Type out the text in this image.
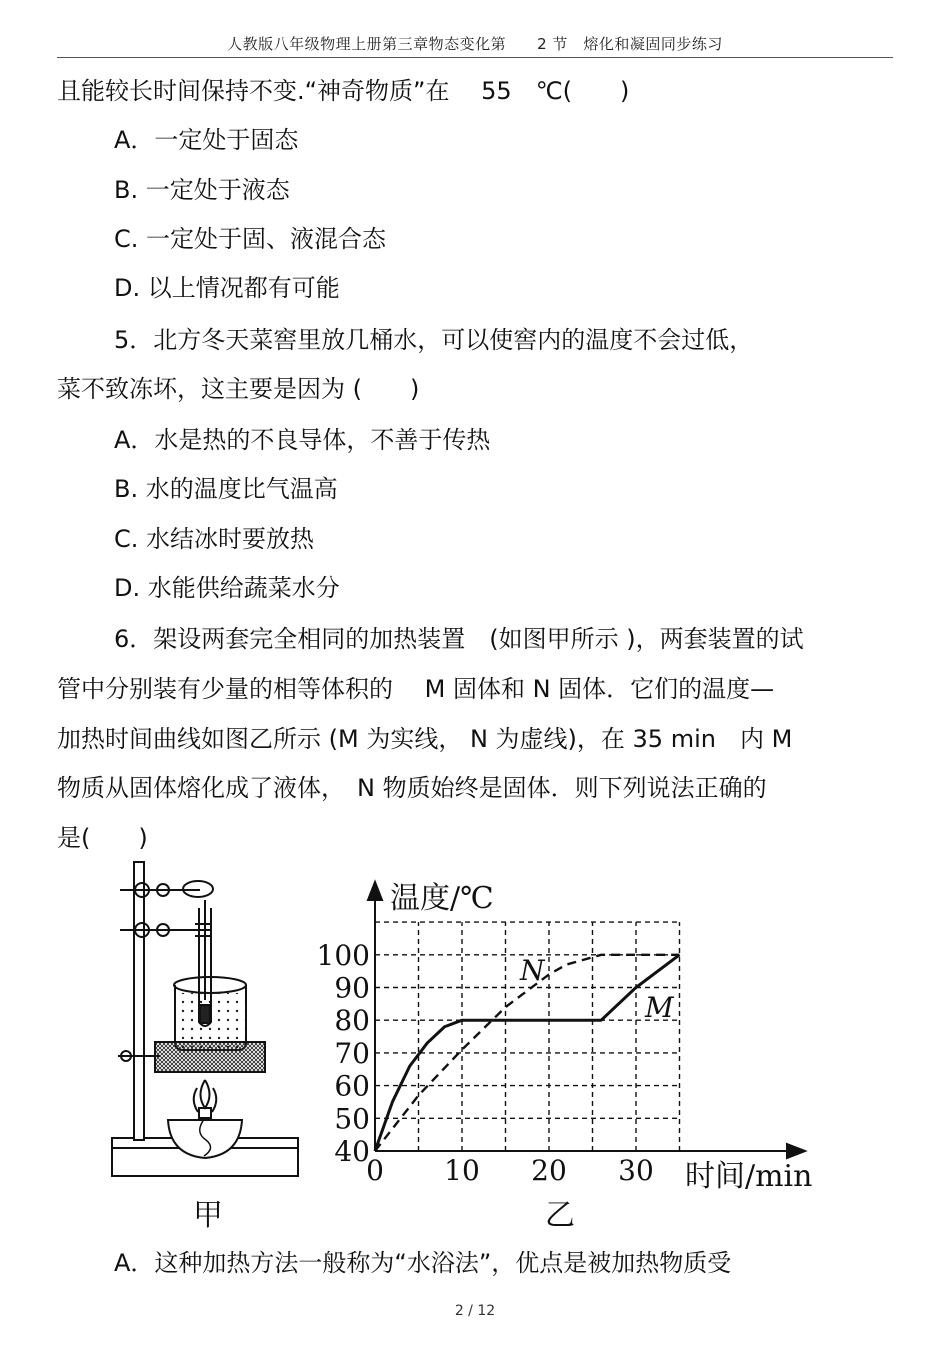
人教版八年级物理上册第三章物态变化第　　2 节　熔化和凝固同步练习
且能较长时间保持不变.“神奇物质”在　 55　℃(　　)
A．一定处于固态
B. 一定处于液态
C. 一定处于固、液混合态
D. 以上情况都有可能
5．北方冬天菜窖里放几桶水，可以使窖内的温度不会过低，
菜不致冻坏，这主要是因为 (　　)
A．水是热的不良导体，不善于传热
B. 水的温度比气温高
C. 水结冰时要放热
D. 水能供给蔬菜水分
6．架设两套完全相同的加热装置　(如图甲所示 )，两套装置的试
管中分别装有少量的相等体积的　 M 固体和 N 固体．它们的温度—
加热时间曲线如图乙所示 (M 为实线， N 为虚线)，在 35 min　内 M
物质从固体熔化成了液体，　N 物质始终是固体．则下列说法正确的
是(　　)
温度/℃
时间/min
40
50
60
70
80
90
100
0 10 20 30
N
M
甲	乙
A．这种加热方法一般称为“水浴法”，优点是被加热物质受
2 / 12
